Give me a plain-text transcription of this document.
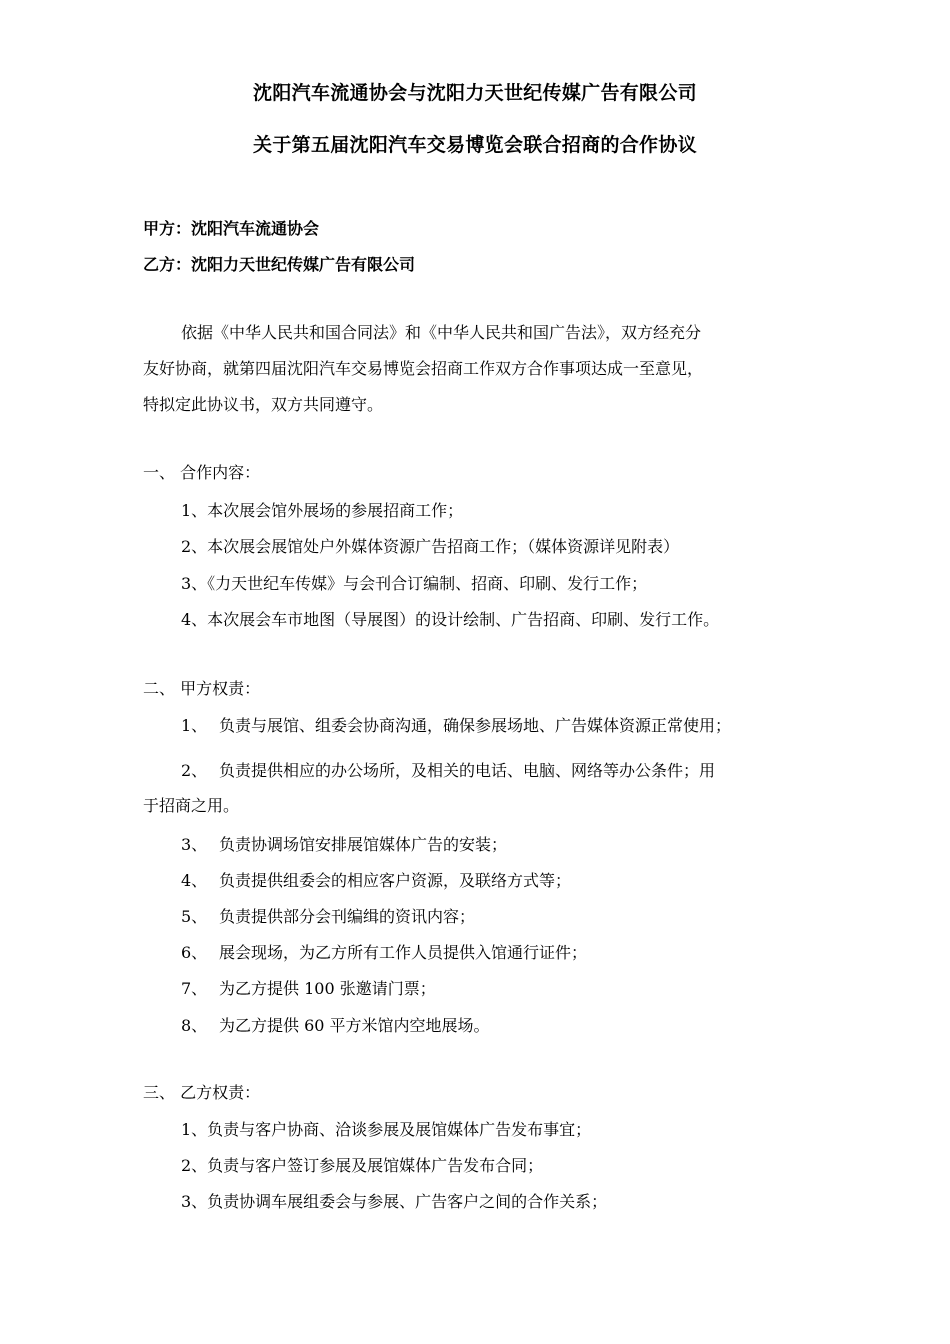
沈阳汽车流通协会与沈阳力天世纪传媒广告有限公司
关于第五届沈阳汽车交易博览会联合招商的合作协议
甲方：沈阳汽车流通协会
乙方：沈阳力天世纪传媒广告有限公司
依据《中华人民共和国合同法》和《中华人民共和国广告法》，双方经充分
友好协商，就第四届沈阳汽车交易博览会招商工作双方合作事项达成一至意见，
特拟定此协议书，双方共同遵守。
一、 合作内容：
1、本次展会馆外展场的参展招商工作；
2、本次展会展馆处户外媒体资源广告招商工作；（媒体资源详见附表）
3、《力天世纪车传媒》与会刊合订编制、招商、印刷、发行工作；
4、本次展会车市地图（导展图）的设计绘制、广告招商、印刷、发行工作。
二、 甲方权责：
1、 负责与展馆、组委会协商沟通，确保参展场地、广告媒体资源正常使用；
2、 负责提供相应的办公场所，及相关的电话、电脑、网络等办公条件；用
于招商之用。
3、 负责协调场馆安排展馆媒体广告的安装；
4、 负责提供组委会的相应客户资源，及联络方式等；
5、 负责提供部分会刊编缉的资讯内容；
6、 展会现场，为乙方所有工作人员提供入馆通行证件；
7、 为乙方提供 100 张邀请门票；
8、 为乙方提供 60 平方米馆内空地展场。
三、 乙方权责：
1、负责与客户协商、洽谈参展及展馆媒体广告发布事宜；
2、负责与客户签订参展及展馆媒体广告发布合同；
3、负责协调车展组委会与参展、广告客户之间的合作关系；
